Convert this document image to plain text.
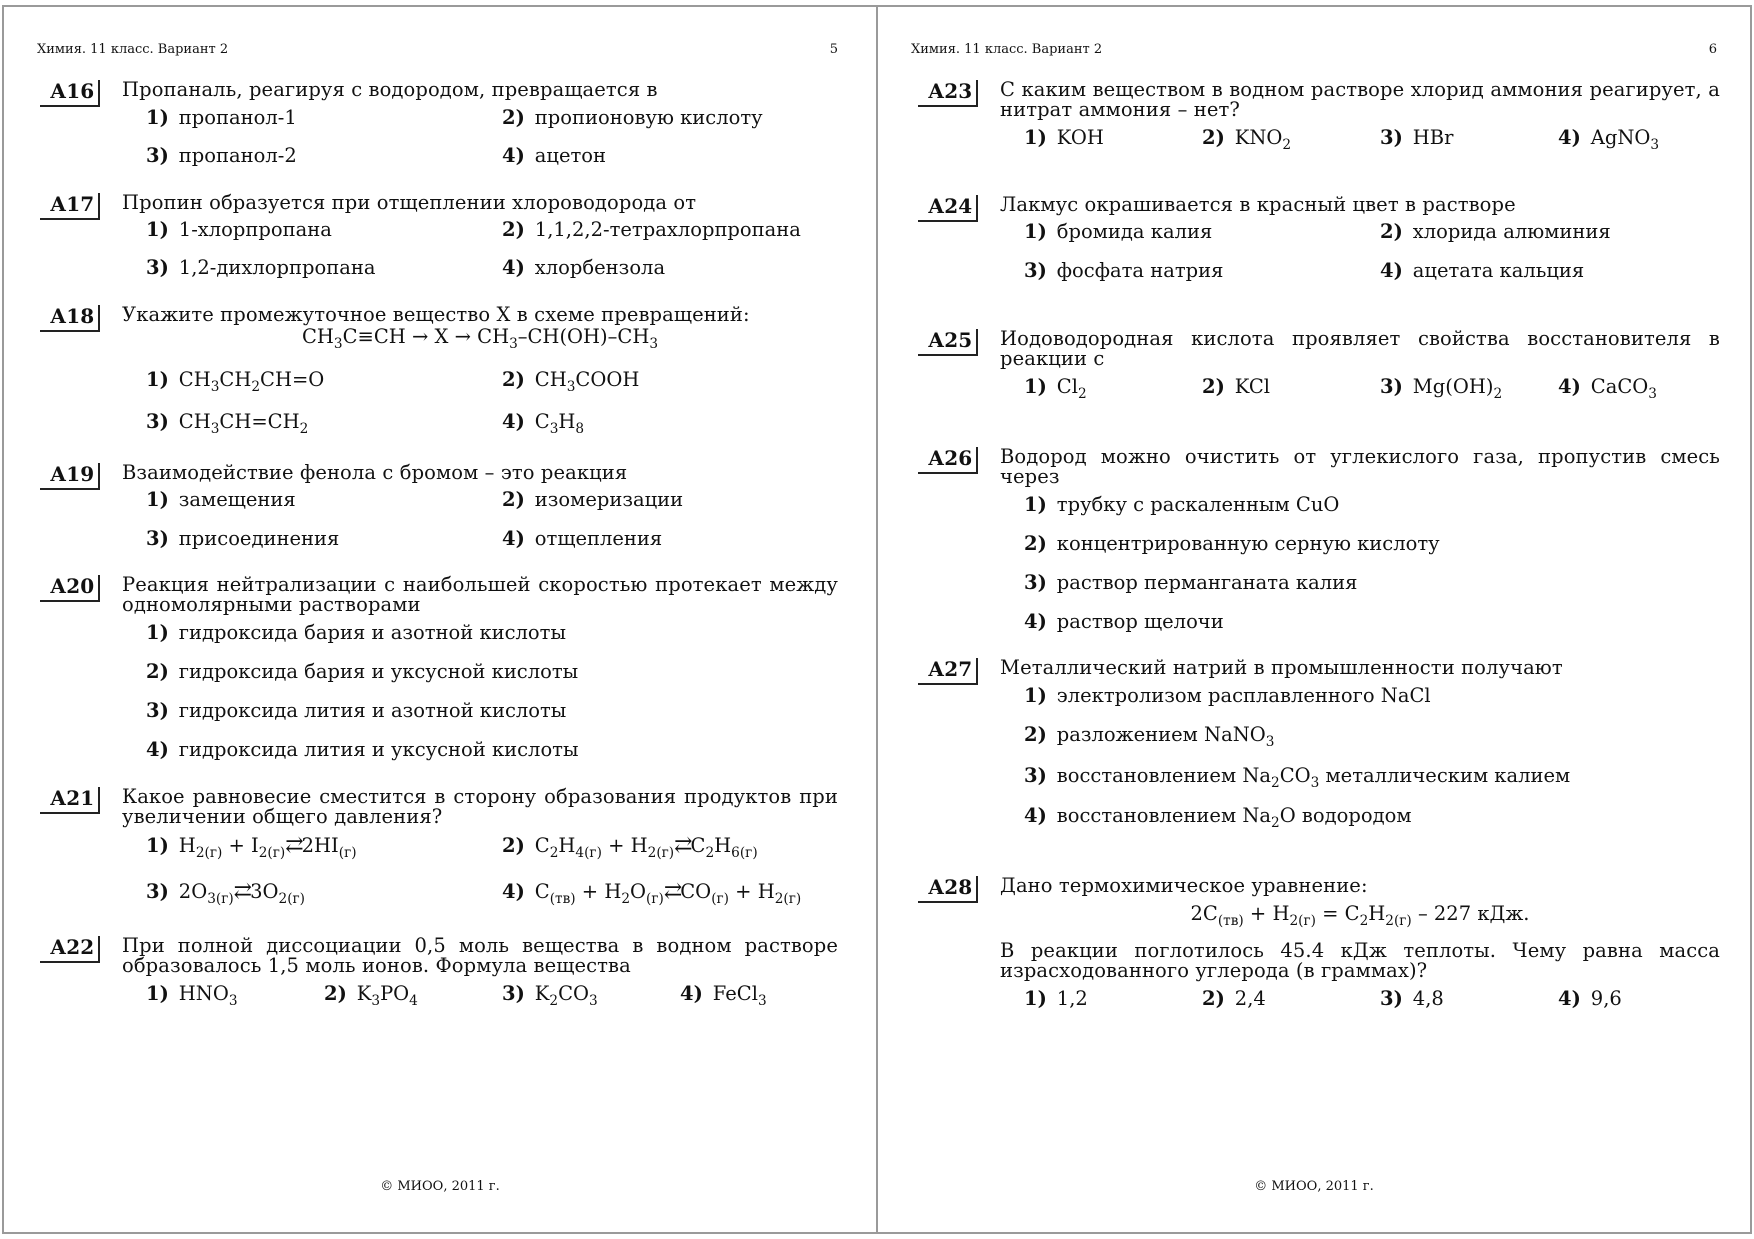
Химия. 11 класс. Вариант 2	5
А16	Пропаналь, реагируя с водородом, превращается в
1) пропанол-1	2) пропионовую кислоту
3) пропанол-2	4) ацетон
А17	Пропин образуется при отщеплении хлороводорода от
1) 1-хлорпропана	2) 1,1,2,2-тетрахлорпропана
3) 1,2-дихлорпропана	4) хлорбензола
А18	Укажите промежуточное вещество Х в схеме превращений:
$CH_3C\equiv CH \to X \to CH_3-CH(OH)-CH_3$
1) $CH_3CH_2CH=O$	2) $CH_3COOH$
3) $CH_3CH=CH_2$	4) $C_3H_8$
А19	Взаимодействие фенола с бромом – это реакция
1) замещения	2) изомеризации
3) присоединения	4) отщепления
А20	Реакция нейтрализации с наибольшей скоростью протекает между одномолярными растворами
1) гидроксида бария и азотной кислоты
2) гидроксида бария и уксусной кислоты
3) гидроксида лития и азотной кислоты
4) гидроксида лития и уксусной кислоты
А21	Какое равновесие сместится в сторону образования продуктов при увеличении общего давления?
1) $H_{2(г)}$ + $I_{2(г)}⇄2HI_{(г)}$	2) $C_2H_{4(г)}$ + $H_{2(г)}⇄C_2H_{6(г)}$
3) $2O_{3(г)}⇄3O_{2(г)}$	4) $C_{(тв)}$ + $H_2O_{(г)}⇄CO_{(г)} + H_{2(г)}$
А22	При полной диссоциации 0,5 моль вещества в водном растворе образовалось 1,5 моль ионов. Формула вещества
1) $HNO_3$	2) $K_3PO_4$	3) $K_2CO_3$	4) FeCl$_3$
© МИОО, 2011 г.
Химия. 11 класс. Вариант 2	6
А23	С каким веществом в водном растворе хлорид аммония реагирует, а нитрат аммония – нет?
1) KOH	2) $KNO_2$	3) HBr	4) AgNO$_3$
А24	Лакмус окрашивается в красный цвет в растворе
1) бромида калия	2) хлорида алюминия
3) фосфата натрия	4) ацетата кальция
А25	Иодоводородная кислота проявляет свойства восстановителя в реакции с
1) $Cl_2$	2) KCl	3) $Mg(OH)_2$	4) CaCO$_3$
А26	Водород можно очистить от углекислого газа, пропустив смесь через
1) трубку с раскаленным CuO
2) концентрированную серную кислоту
3) раствор перманганата калия
4) раствор щелочи
А27	Металлический натрий в промышленности получают
1) электролизом расплавленного NaCl
2) разложением NaNO$_3$
3) восстановлением $Na_2CO_3$ металлическим калием
4) восстановлением $Na_2O$ водородом
А28	Дано термохимическое уравнение:
$2C_{(тв)} + H_{2(г)} = C_2H_{2(г)} - 227$ кДж.
В реакции поглотилось 45.4 кДж теплоты. Чему равна масса израсходованного углерода (в граммах)?
1) 1,2	2) 2,4	3) 4,8	4) 9,6
© МИОО, 2011 г.
